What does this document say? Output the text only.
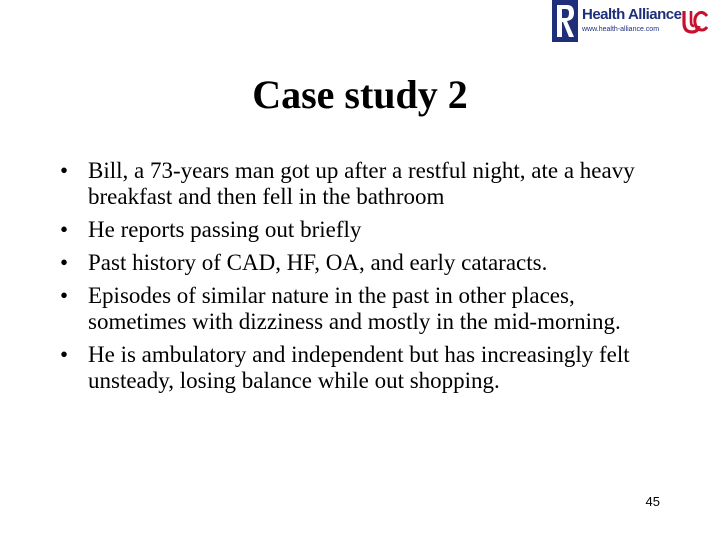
Health Alliance
www.health-alliance.com
Case study 2
• Bill, a 73-years man got up after a restful night, ate a heavy breakfast and then fell in the bathroom
• He reports passing out briefly
• Past history of CAD, HF, OA, and early cataracts.
• Episodes of similar nature in the past in other places, sometimes with dizziness and mostly in the mid-morning.
• He is ambulatory and independent but has increasingly felt unsteady, losing balance while out shopping.
45
